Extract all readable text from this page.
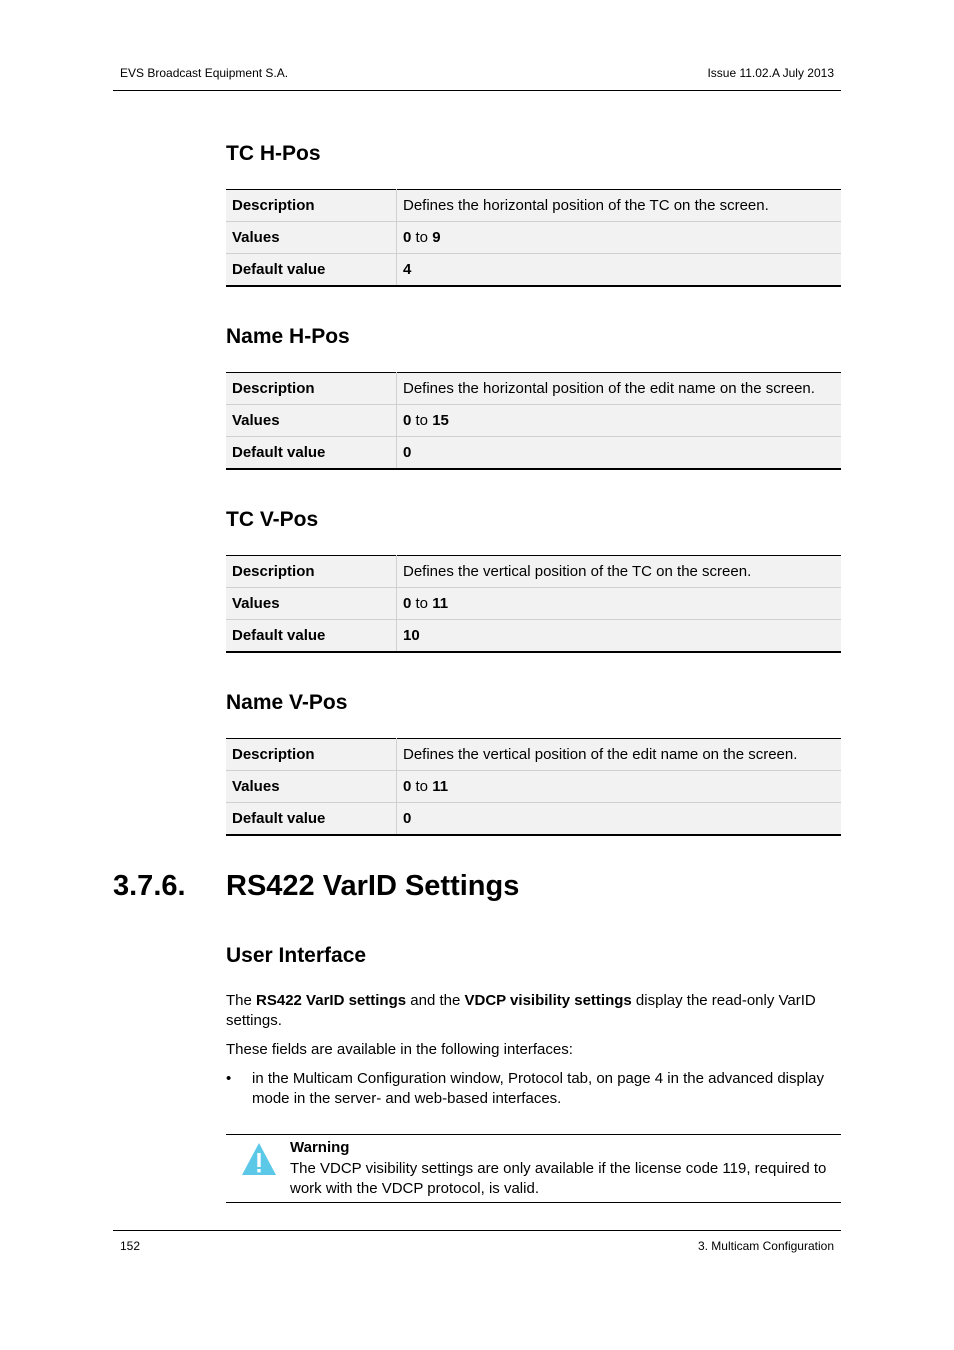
EVS Broadcast Equipment S.A.	Issue 11.02.A July 2013
TC H-Pos
Description	Defines the horizontal position of the TC on the screen.
Values	0 to 9
Default value	4
Name H-Pos
Description	Defines the horizontal position of the edit name on the screen.
Values	0 to 15
Default value	0
TC V-Pos
Description	Defines the vertical position of the TC on the screen.
Values	0 to 11
Default value	10
Name V-Pos
Description	Defines the vertical position of the edit name on the screen.
Values	0 to 11
Default value	0
3.7.6. RS422 VarID Settings
User Interface
The RS422 VarID settings and the VDCP visibility settings display the read-only VarID settings.
These fields are available in the following interfaces:
• in the Multicam Configuration window, Protocol tab, on page 4 in the advanced display mode in the server- and web-based interfaces.
Warning
The VDCP visibility settings are only available if the license code 119, required to work with the VDCP protocol, is valid.
152	3. Multicam Configuration
